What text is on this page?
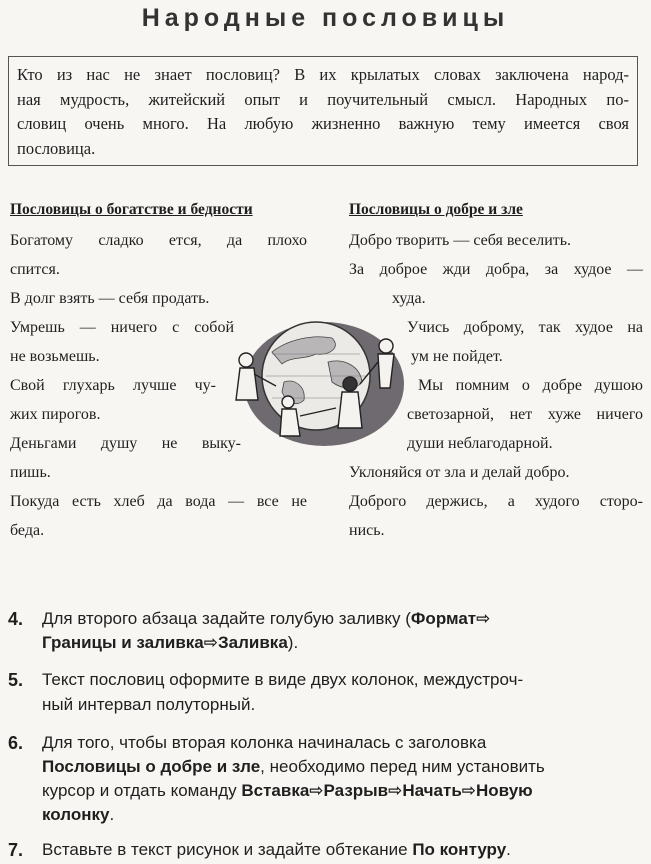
Народные пословицы
Кто из нас не знает пословиц? В их крылатых словах заключена народ-
ная мудрость, житейский опыт и поучительный смысл. Народных по-
словиц очень много. На любую жизненно важную тему имеется своя
пословица.
Пословицы о богатстве и бедности
Богатому сладко ется, да плохо
спится.
В долг взять — себя продать.
Умрешь — ничего с собой
не возьмешь.
Свой глухарь лучше чу-
жих пирогов.
Деньгами душу не выку-
пишь.
Покуда есть хлеб да вода — все не
беда.
Пословицы о добре и зле
Добро творить — себя веселить.
За доброе жди добра, за худое —
худа.
Учись доброму, так худое на
ум не пойдет.
Мы помним о добре душою
светозарной, нет хуже ничего
души неблагодарной.
Уклоняйся от зла и делай добро.
Доброго держись, а худого сторо-
нись.
4. Для второго абзаца задайте голубую заливку (Формат⇨
Границы и заливка⇨Заливка).
5. Текст пословиц оформите в виде двух колонок, междустроч-
ный интервал полуторный.
6. Для того, чтобы вторая колонка начиналась с заголовка
Пословицы о добре и зле, необходимо перед ним установить
курсор и отдать команду Вставка⇨Разрыв⇨Начать⇨Новую
колонку.
7. Вставьте в текст рисунок и задайте обтекание По контуру.
